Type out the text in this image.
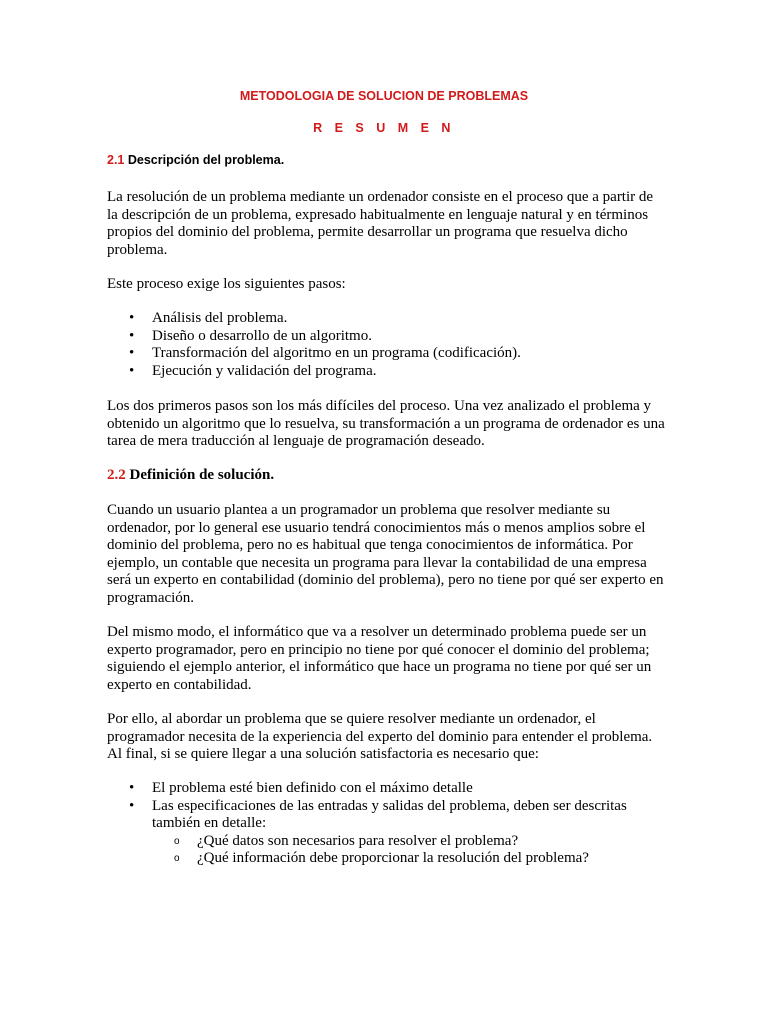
METODOLOGIA DE SOLUCION DE PROBLEMAS
R E S U M E N
2.1 Descripción del problema.

La resolución de un problema mediante un ordenador consiste en el proceso que a partir de la descripción de un problema, expresado habitualmente en lenguaje natural y en términos propios del dominio del problema, permite desarrollar un programa que resuelva dicho problema.

Este proceso exige los siguientes pasos:

• Análisis del problema.
• Diseño o desarrollo de un algoritmo.
• Transformación del algoritmo en un programa (codificación).
• Ejecución y validación del programa.

Los dos primeros pasos son los más difíciles del proceso. Una vez analizado el problema y obtenido un algoritmo que lo resuelva, su transformación a un programa de ordenador es una tarea de mera traducción al lenguaje de programación deseado.

2.2 Definición de solución.

Cuando un usuario plantea a un programador un problema que resolver mediante su ordenador, por lo general ese usuario tendrá conocimientos más o menos amplios sobre el dominio del problema, pero no es habitual que tenga conocimientos de informática. Por ejemplo, un contable que necesita un programa para llevar la contabilidad de una empresa será un experto en contabilidad (dominio del problema), pero no tiene por qué ser experto en programación.

Del mismo modo, el informático que va a resolver un determinado problema puede ser un experto programador, pero en principio no tiene por qué conocer el dominio del problema; siguiendo el ejemplo anterior, el informático que hace un programa no tiene por qué ser un experto en contabilidad.

Por ello, al abordar un problema que se quiere resolver mediante un ordenador, el programador necesita de la experiencia del experto del dominio para entender el problema. Al final, si se quiere llegar a una solución satisfactoria es necesario que:

• El problema esté bien definido con el máximo detalle
• Las especificaciones de las entradas y salidas del problema, deben ser descritas también en detalle:
o ¿Qué datos son necesarios para resolver el problema?
o ¿Qué información debe proporcionar la resolución del problema?
